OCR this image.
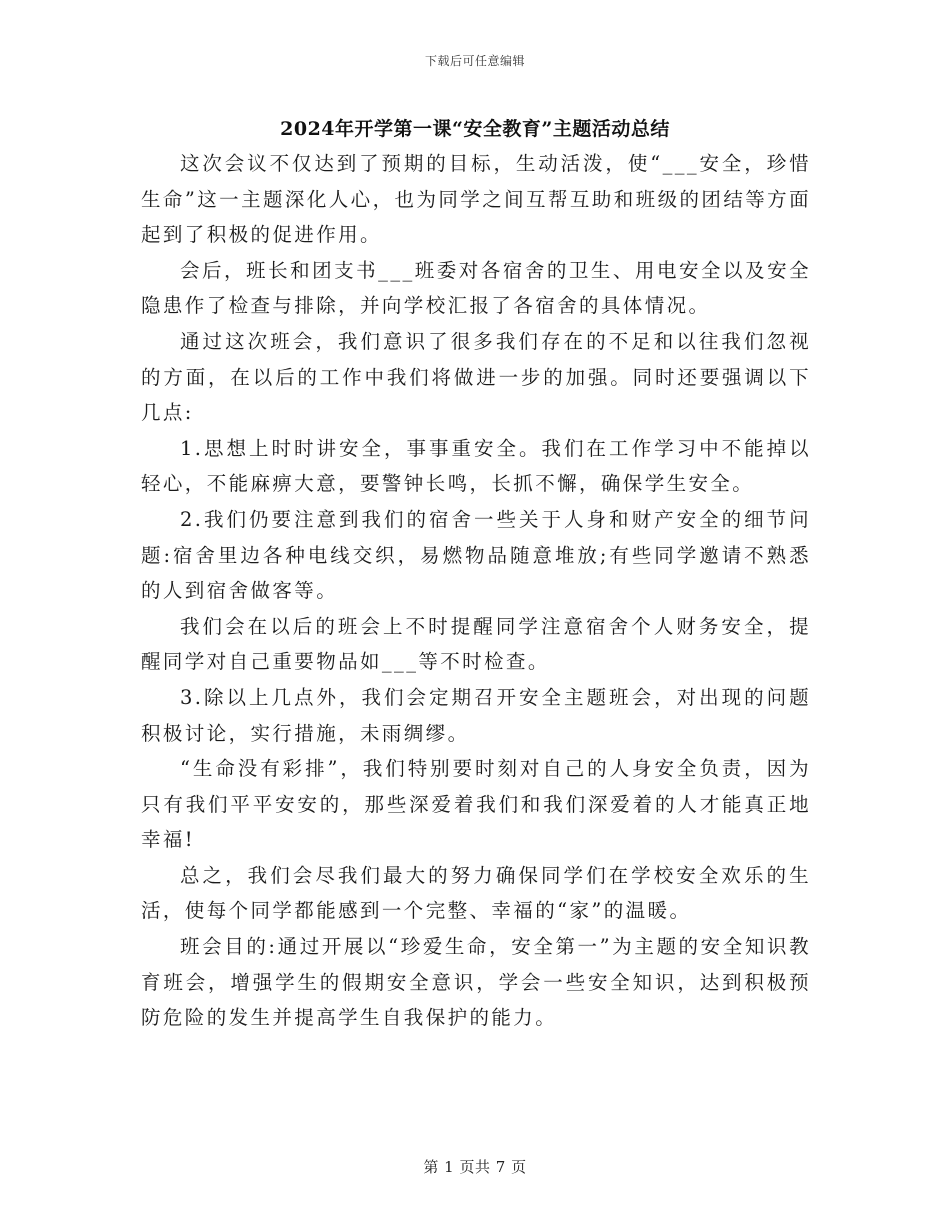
下载后可任意编辑
2024年开学第一课“安全教育”主题活动总结

这次会议不仅达到了预期的目标，生动活泼，使“___安全，珍惜生命”这一主题深化人心，也为同学之间互帮互助和班级的团结等方面起到了积极的促进作用。

会后，班长和团支书___班委对各宿舍的卫生、用电安全以及安全隐患作了检查与排除，并向学校汇报了各宿舍的具体情况。

通过这次班会，我们意识了很多我们存在的不足和以往我们忽视的方面，在以后的工作中我们将做进一步的加强。同时还要强调以下几点:

1.思想上时时讲安全，事事重安全。我们在工作学习中不能掉以轻心，不能麻痹大意，要警钟长鸣，长抓不懈，确保学生安全。

2.我们仍要注意到我们的宿舍一些关于人身和财产安全的细节问题:宿舍里边各种电线交织，易燃物品随意堆放;有些同学邀请不熟悉的人到宿舍做客等。

我们会在以后的班会上不时提醒同学注意宿舍个人财务安全，提醒同学对自己重要物品如___等不时检查。

3.除以上几点外，我们会定期召开安全主题班会，对出现的问题积极讨论，实行措施，未雨绸缪。

“生命没有彩排”，我们特别要时刻对自己的人身安全负责，因为只有我们平平安安的，那些深爱着我们和我们深爱着的人才能真正地幸福!

总之，我们会尽我们最大的努力确保同学们在学校安全欢乐的生活，使每个同学都能感到一个完整、幸福的“家”的温暖。

班会目的:通过开展以“珍爱生命，安全第一”为主题的安全知识教育班会，增强学生的假期安全意识，学会一些安全知识，达到积极预防危险的发生并提高学生自我保护的能力。

第 1 页共 7 页
